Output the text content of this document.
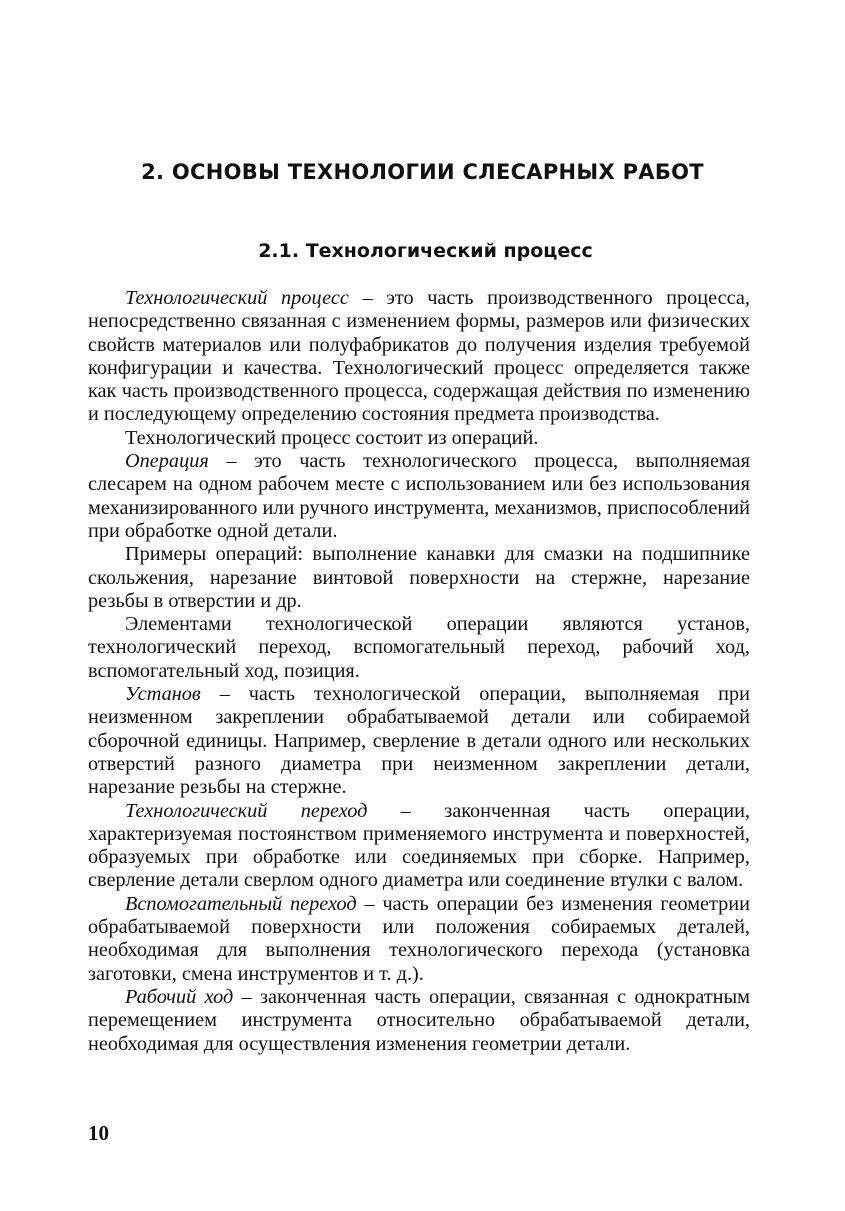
2. ОСНОВЫ ТЕХНОЛОГИИ СЛЕСАРНЫХ РАБОТ
2.1. Технологический процесс

Технологический процесс – это часть производственного процесса, непосредственно связанная с изменением формы, размеров или физических свойств материалов или полуфабрикатов до получения изделия требуемой конфигурации и качества. Технологический процесс определяется также как часть производственного процесса, содержащая действия по изменению и последующему определению состояния предмета производства.

Технологический процесс состоит из операций.

Операция – это часть технологического процесса, выполняемая слесарем на одном рабочем месте с использованием или без использования механизированного или ручного инструмента, механизмов, приспособлений при обработке одной детали.

Примеры операций: выполнение канавки для смазки на подшипнике скольжения, нарезание винтовой поверхности на стержне, нарезание резьбы в отверстии и др.

Элементами технологической операции являются установ, технологический переход, вспомогательный переход, рабочий ход, вспомогательный ход, позиция.

Установ – часть технологической операции, выполняемая при неизменном закреплении обрабатываемой детали или собираемой сборочной единицы. Например, сверление в детали одного или нескольких отверстий разного диаметра при неизменном закреплении детали, нарезание резьбы на стержне.

Технологический переход – законченная часть операции, характеризуемая постоянством применяемого инструмента и поверхностей, образуемых при обработке или соединяемых при сборке. Например, сверление детали сверлом одного диаметра или соединение втулки с валом.

Вспомогательный переход – часть операции без изменения геометрии обрабатываемой поверхности или положения собираемых деталей, необходимая для выполнения технологического перехода (установка заготовки, смена инструментов и т. д.).

Рабочий ход – законченная часть операции, связанная с однократным перемещением инструмента относительно обрабатываемой детали, необходимая для осуществления изменения геометрии детали.

10
